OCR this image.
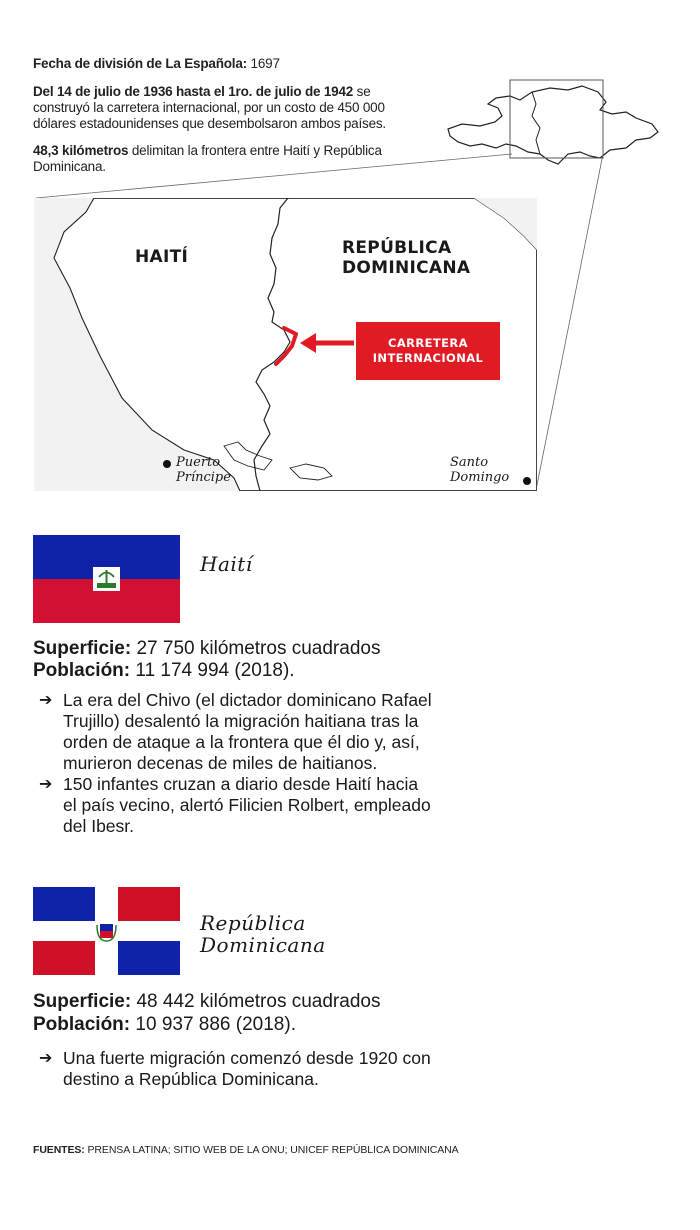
Fecha de división de La Española: 1697
Del 14 de julio de 1936 hasta el 1ro. de julio de 1942 se construyó la carretera internacional, por un costo de 450 000 dólares estadounidenses que desembolsaron ambos países.
48,3 kilómetros delimitan la frontera entre Haití y República Dominicana.
HAITÍ	REPÚBLICA
DOMINICANA
CARRETERA
INTERNACIONAL
Puerto
Príncipe
Santo
Domingo
Haití
Superficie: 27 750 kilómetros cuadrados
Población: 11 174 994 (2018).
➔ La era del Chivo (el dictador dominicano Rafael Trujillo) desalentó la migración haitiana tras la orden de ataque a la frontera que él dio y, así, murieron decenas de miles de haitianos.
➔ 150 infantes cruzan a diario desde Haití hacia el país vecino, alertó Filicien Rolbert, empleado del Ibesr.
República
Dominicana
Superficie: 48 442 kilómetros cuadrados
Población: 10 937 886 (2018).
➔ Una fuerte migración comenzó desde 1920 con destino a República Dominicana.
FUENTES: PRENSA LATINA; SITIO WEB DE LA ONU; UNICEF REPÚBLICA DOMINICANA
